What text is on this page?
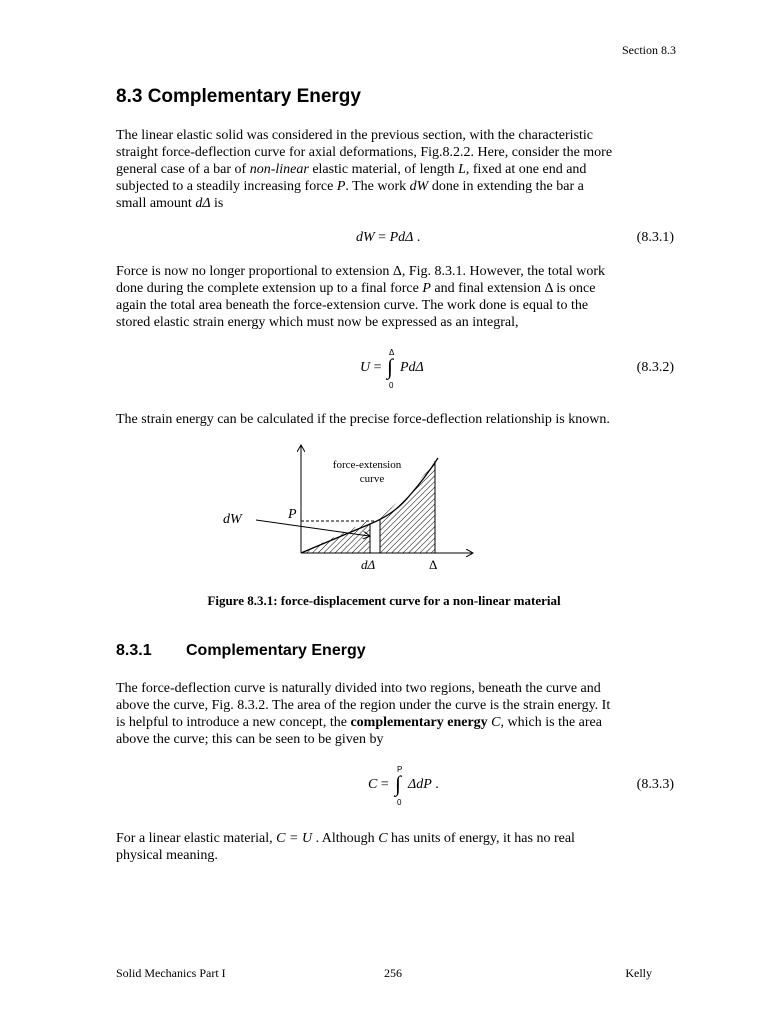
Section 8.3
8.3 Complementary Energy

The linear elastic solid was considered in the previous section, with the characteristic
straight force-deflection curve for axial deformations, Fig.8.2.2. Here, consider the more
general case of a bar of non-linear elastic material, of length L, fixed at one end and
subjected to a steadily increasing force P. The work dW done in extending the bar a
small amount dΔ is

dW = PdΔ .	(8.3.1)

Force is now no longer proportional to extension Δ, Fig. 8.3.1. However, the total work
done during the complete extension up to a final force P and final extension Δ is once
again the total area beneath the force-extension curve. The work done is equal to the
stored elastic strain energy which must now be expressed as an integral,

U =
Δ
∫
0
PdΔ	(8.3.2)

The strain energy can be calculated if the precise force-deflection relationship is known.

force-extension
curve
dW	P
dΔ	Δ
Figure 8.3.1: force-displacement curve for a non-linear material
8.3.1 Complementary Energy

The force-deflection curve is naturally divided into two regions, beneath the curve and
above the curve, Fig. 8.3.2. The area of the region under the curve is the strain energy. It
is helpful to introduce a new concept, the complementary energy C, which is the area
above the curve; this can be seen to be given by

C =
P
∫
0
ΔdP .	(8.3.3)

For a linear elastic material, C = U . Although C has units of energy, it has no real
physical meaning.

Solid Mechanics Part I	256	Kelly
